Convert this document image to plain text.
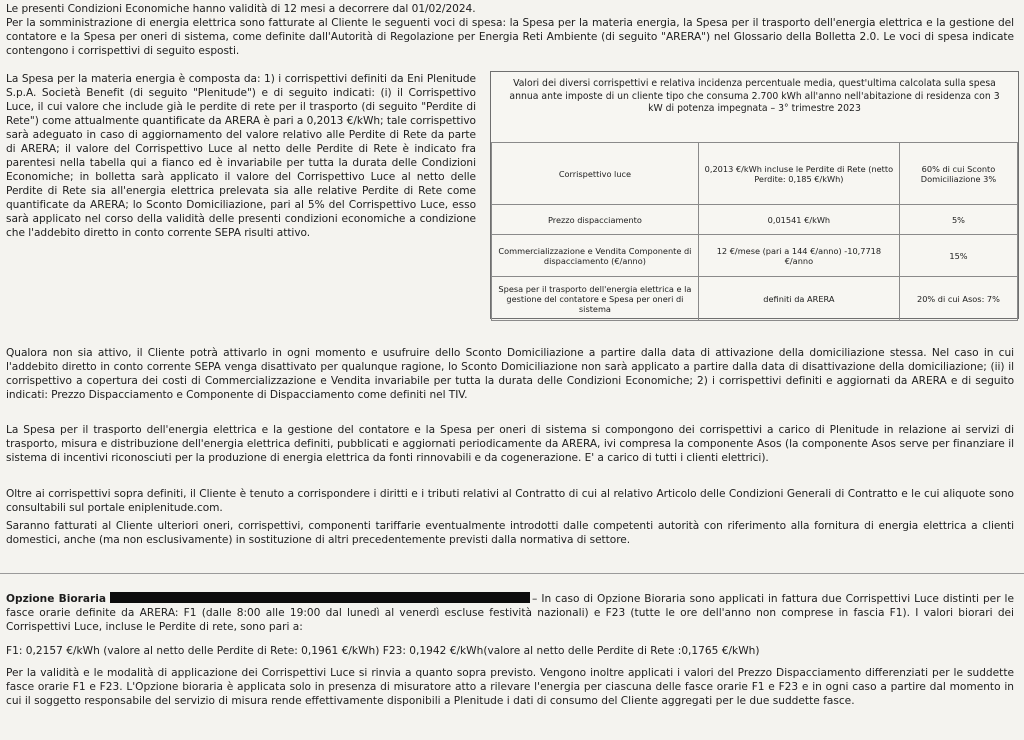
Le presenti Condizioni Economiche hanno validità di 12 mesi a decorrere dal 01/02/2024.

Per la somministrazione di energia elettrica sono fatturate al Cliente le seguenti voci di spesa: la Spesa per la materia energia, la Spesa per il trasporto dell'energia elettrica e la gestione del contatore e la Spesa per oneri di sistema, come definite dall'Autorità di Regolazione per Energia Reti Ambiente (di seguito "ARERA") nel Glossario della Bolletta 2.0. Le voci di spesa indicate contengono i corrispettivi di seguito esposti.

La Spesa per la materia energia è composta da: 1) i corrispettivi definiti da Eni Plenitude S.p.A. Società Benefit (di seguito "Plenitude") e di seguito indicati: (i) il Corrispettivo Luce, il cui valore che include già le perdite di rete per il trasporto (di seguito "Perdite di Rete") come attualmente quantificate da ARERA è pari a 0,2013 €/kWh; tale corrispettivo sarà adeguato in caso di aggiornamento del valore relativo alle Perdite di Rete da parte di ARERA; il valore del Corrispettivo Luce al netto delle Perdite di Rete è indicato fra parentesi nella tabella qui a fianco ed è invariabile per tutta la durata delle Condizioni Economiche; in bolletta sarà applicato il valore del Corrispettivo Luce al netto delle Perdite di Rete sia all'energia elettrica prelevata sia alle relative Perdite di Rete come quantificate da ARERA; lo Sconto Domiciliazione, pari al 5% del Corrispettivo Luce, esso sarà applicato nel corso della validità delle presenti condizioni economiche a condizione che l'addebito diretto in conto corrente SEPA risulti attivo.

Valori dei diversi corrispettivi e relativa incidenza percentuale media, quest'ultima calcolata sulla spesa annua ante imposte di un cliente tipo che consuma 2.700 kWh all'anno nell'abitazione di residenza con 3 kW di potenza impegnata – 3° trimestre 2023
Corrispettivo luce	0,2013 €/kWh incluse le Perdite di Rete (netto Perdite: 0,185 €/kWh)	60% di cui Sconto Domiciliazione 3%
Prezzo dispacciamento	0,01541 €/kWh	5%
Commercializzazione e Vendita Componente di dispacciamento (€/anno)	12 €/mese (pari a 144 €/anno) -10,7718 €/anno	15%
Spesa per il trasporto dell'energia elettrica e la gestione del contatore e Spesa per oneri di sistema	definiti da ARERA	20% di cui Asos: 7%

Qualora non sia attivo, il Cliente potrà attivarlo in ogni momento e usufruire dello Sconto Domiciliazione a partire dalla data di attivazione della domiciliazione stessa. Nel caso in cui l'addebito diretto in conto corrente SEPA venga disattivato per qualunque ragione, lo Sconto Domiciliazione non sarà applicato a partire dalla data di disattivazione della domiciliazione; (ii) il corrispettivo a copertura dei costi di Commercializzazione e Vendita invariabile per tutta la durata delle Condizioni Economiche; 2) i corrispettivi definiti e aggiornati da ARERA e di seguito indicati: Prezzo Dispacciamento e Componente di Dispacciamento come definiti nel TIV.

La Spesa per il trasporto dell'energia elettrica e la gestione del contatore e la Spesa per oneri di sistema si compongono dei corrispettivi a carico di Plenitude in relazione ai servizi di trasporto, misura e distribuzione dell'energia elettrica definiti, pubblicati e aggiornati periodicamente da ARERA, ivi compresa la componente Asos (la componente Asos serve per finanziare il sistema di incentivi riconosciuti per la produzione di energia elettrica da fonti rinnovabili e da cogenerazione. E' a carico di tutti i clienti elettrici).

Oltre ai corrispettivi sopra definiti, il Cliente è tenuto a corrispondere i diritti e i tributi relativi al Contratto di cui al relativo Articolo delle Condizioni Generali di Contratto e le cui aliquote sono consultabili sul portale eniplenitude.com.

Saranno fatturati al Cliente ulteriori oneri, corrispettivi, componenti tariffarie eventualmente introdotti dalle competenti autorità con riferimento alla fornitura di energia elettrica a clienti domestici, anche (ma non esclusivamente) in sostituzione di altri precedentemente previsti dalla normativa di settore.

Opzione Bioraria	– In caso di Opzione Bioraria sono applicati in fattura due Corrispettivi Luce distinti per le fasce orarie definite da ARERA: F1 (dalle 8:00 alle 19:00 dal lunedì al venerdì escluse festività nazionali) e F23 (tutte le ore dell'anno non comprese in fascia F1). I valori biorari dei Corrispettivi Luce, incluse le Perdite di rete, sono pari a:

F1: 0,2157 €/kWh (valore al netto delle Perdite di Rete: 0,1961 €/kWh) F23: 0,1942 €/kWh(valore al netto delle Perdite di Rete :0,1765 €/kWh)

Per la validità e le modalità di applicazione dei Corrispettivi Luce si rinvia a quanto sopra previsto. Vengono inoltre applicati i valori del Prezzo Dispacciamento differenziati per le suddette fasce orarie F1 e F23. L'Opzione bioraria è applicata solo in presenza di misuratore atto a rilevare l'energia per ciascuna delle fasce orarie F1 e F23 e in ogni caso a partire dal momento in cui il soggetto responsabile del servizio di misura rende effettivamente disponibili a Plenitude i dati di consumo del Cliente aggregati per le due suddette fasce.
